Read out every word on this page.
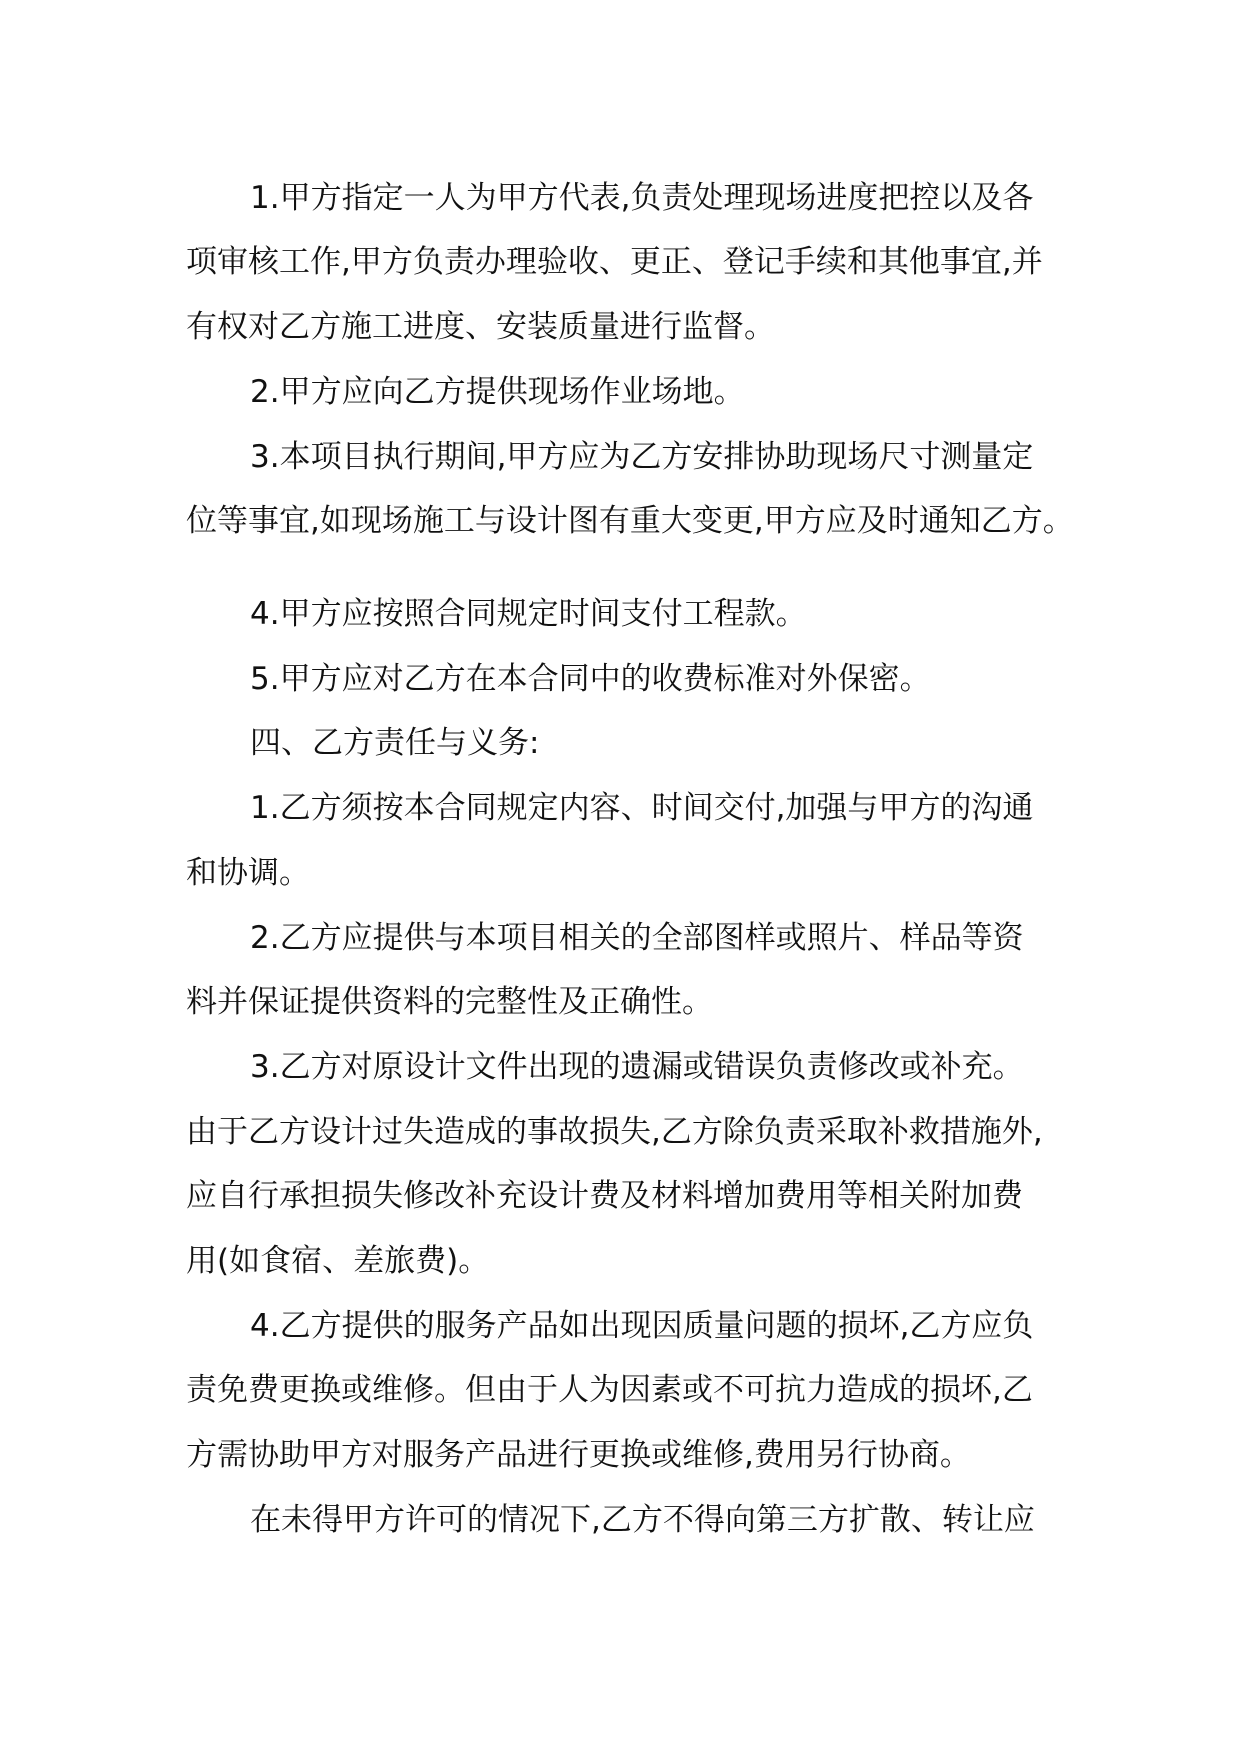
1.甲方指定一人为甲方代表,负责处理现场进度把控以及各
项审核工作,甲方负责办理验收、更正、登记手续和其他事宜,并
有权对乙方施工进度、安装质量进行监督。
2.甲方应向乙方提供现场作业场地。
3.本项目执行期间,甲方应为乙方安排协助现场尺寸测量定
位等事宜,如现场施工与设计图有重大变更,甲方应及时通知乙方。
4.甲方应按照合同规定时间支付工程款。
5.甲方应对乙方在本合同中的收费标准对外保密。
四、乙方责任与义务:
1.乙方须按本合同规定内容、时间交付,加强与甲方的沟通
和协调。
2.乙方应提供与本项目相关的全部图样或照片、样品等资
料并保证提供资料的完整性及正确性。
3.乙方对原设计文件出现的遗漏或错误负责修改或补充。
由于乙方设计过失造成的事故损失,乙方除负责采取补救措施外,
应自行承担损失修改补充设计费及材料增加费用等相关附加费
用(如食宿、差旅费)。
4.乙方提供的服务产品如出现因质量问题的损坏,乙方应负
责免费更换或维修。但由于人为因素或不可抗力造成的损坏,乙
方需协助甲方对服务产品进行更换或维修,费用另行协商。
在未得甲方许可的情况下,乙方不得向第三方扩散、转让应
